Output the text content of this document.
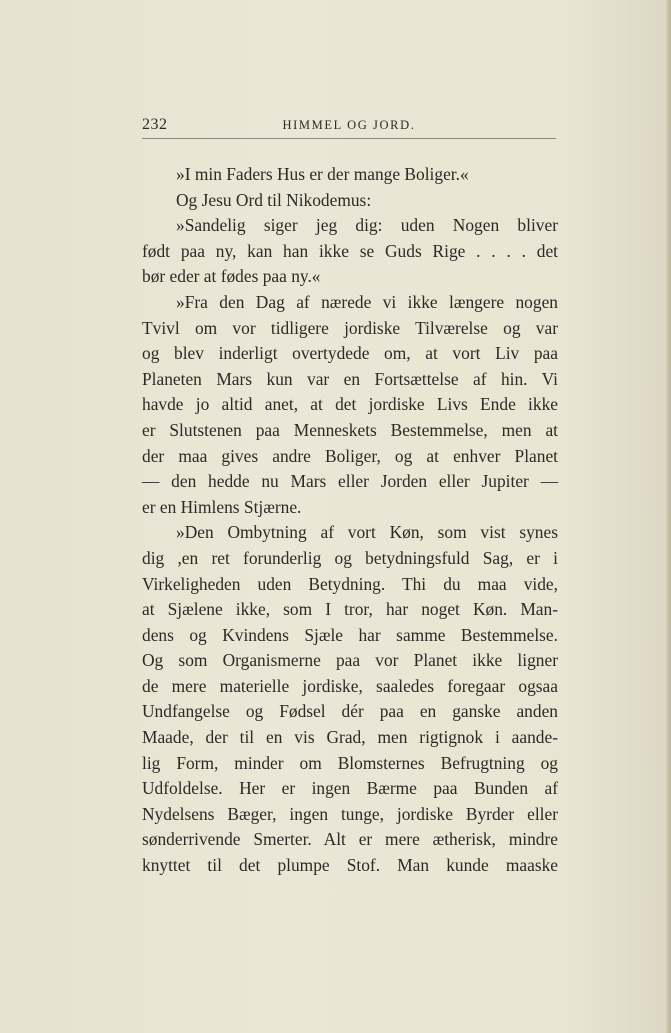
232	HIMMEL OG JORD.
»I min Faders Hus er der mange Boliger.«
Og Jesu Ord til Nikodemus:
»Sandelig siger jeg dig: uden Nogen bliver
født paa ny, kan han ikke se Guds Rige . . . . det
bør eder at fødes paa ny.«
»Fra den Dag af nærede vi ikke længere nogen
Tvivl om vor tidligere jordiske Tilværelse og var
og blev inderligt overtydede om, at vort Liv paa
Planeten Mars kun var en Fortsættelse af hin. Vi
havde jo altid anet, at det jordiske Livs Ende ikke
er Slutstenen paa Menneskets Bestemmelse, men at
der maa gives andre Boliger, og at enhver Planet
— den hedde nu Mars eller Jorden eller Jupiter —
er en Himlens Stjærne.
»Den Ombytning af vort Køn, som vist synes
dig ,en ret forunderlig og betydningsfuld Sag, er i
Virkeligheden uden Betydning. Thi du maa vide,
at Sjælene ikke, som I tror, har noget Køn. Man-
dens og Kvindens Sjæle har samme Bestemmelse.
Og som Organismerne paa vor Planet ikke ligner
de mere materielle jordiske, saaledes foregaar ogsaa
Undfangelse og Fødsel dér paa en ganske anden
Maade, der til en vis Grad, men rigtignok i aande-
lig Form, minder om Blomsternes Befrugtning og
Udfoldelse. Her er ingen Bærme paa Bunden af
Nydelsens Bæger, ingen tunge, jordiske Byrder eller
sønderrivende Smerter. Alt er mere ætherisk, mindre
knyttet til det plumpe Stof. Man kunde maaske
